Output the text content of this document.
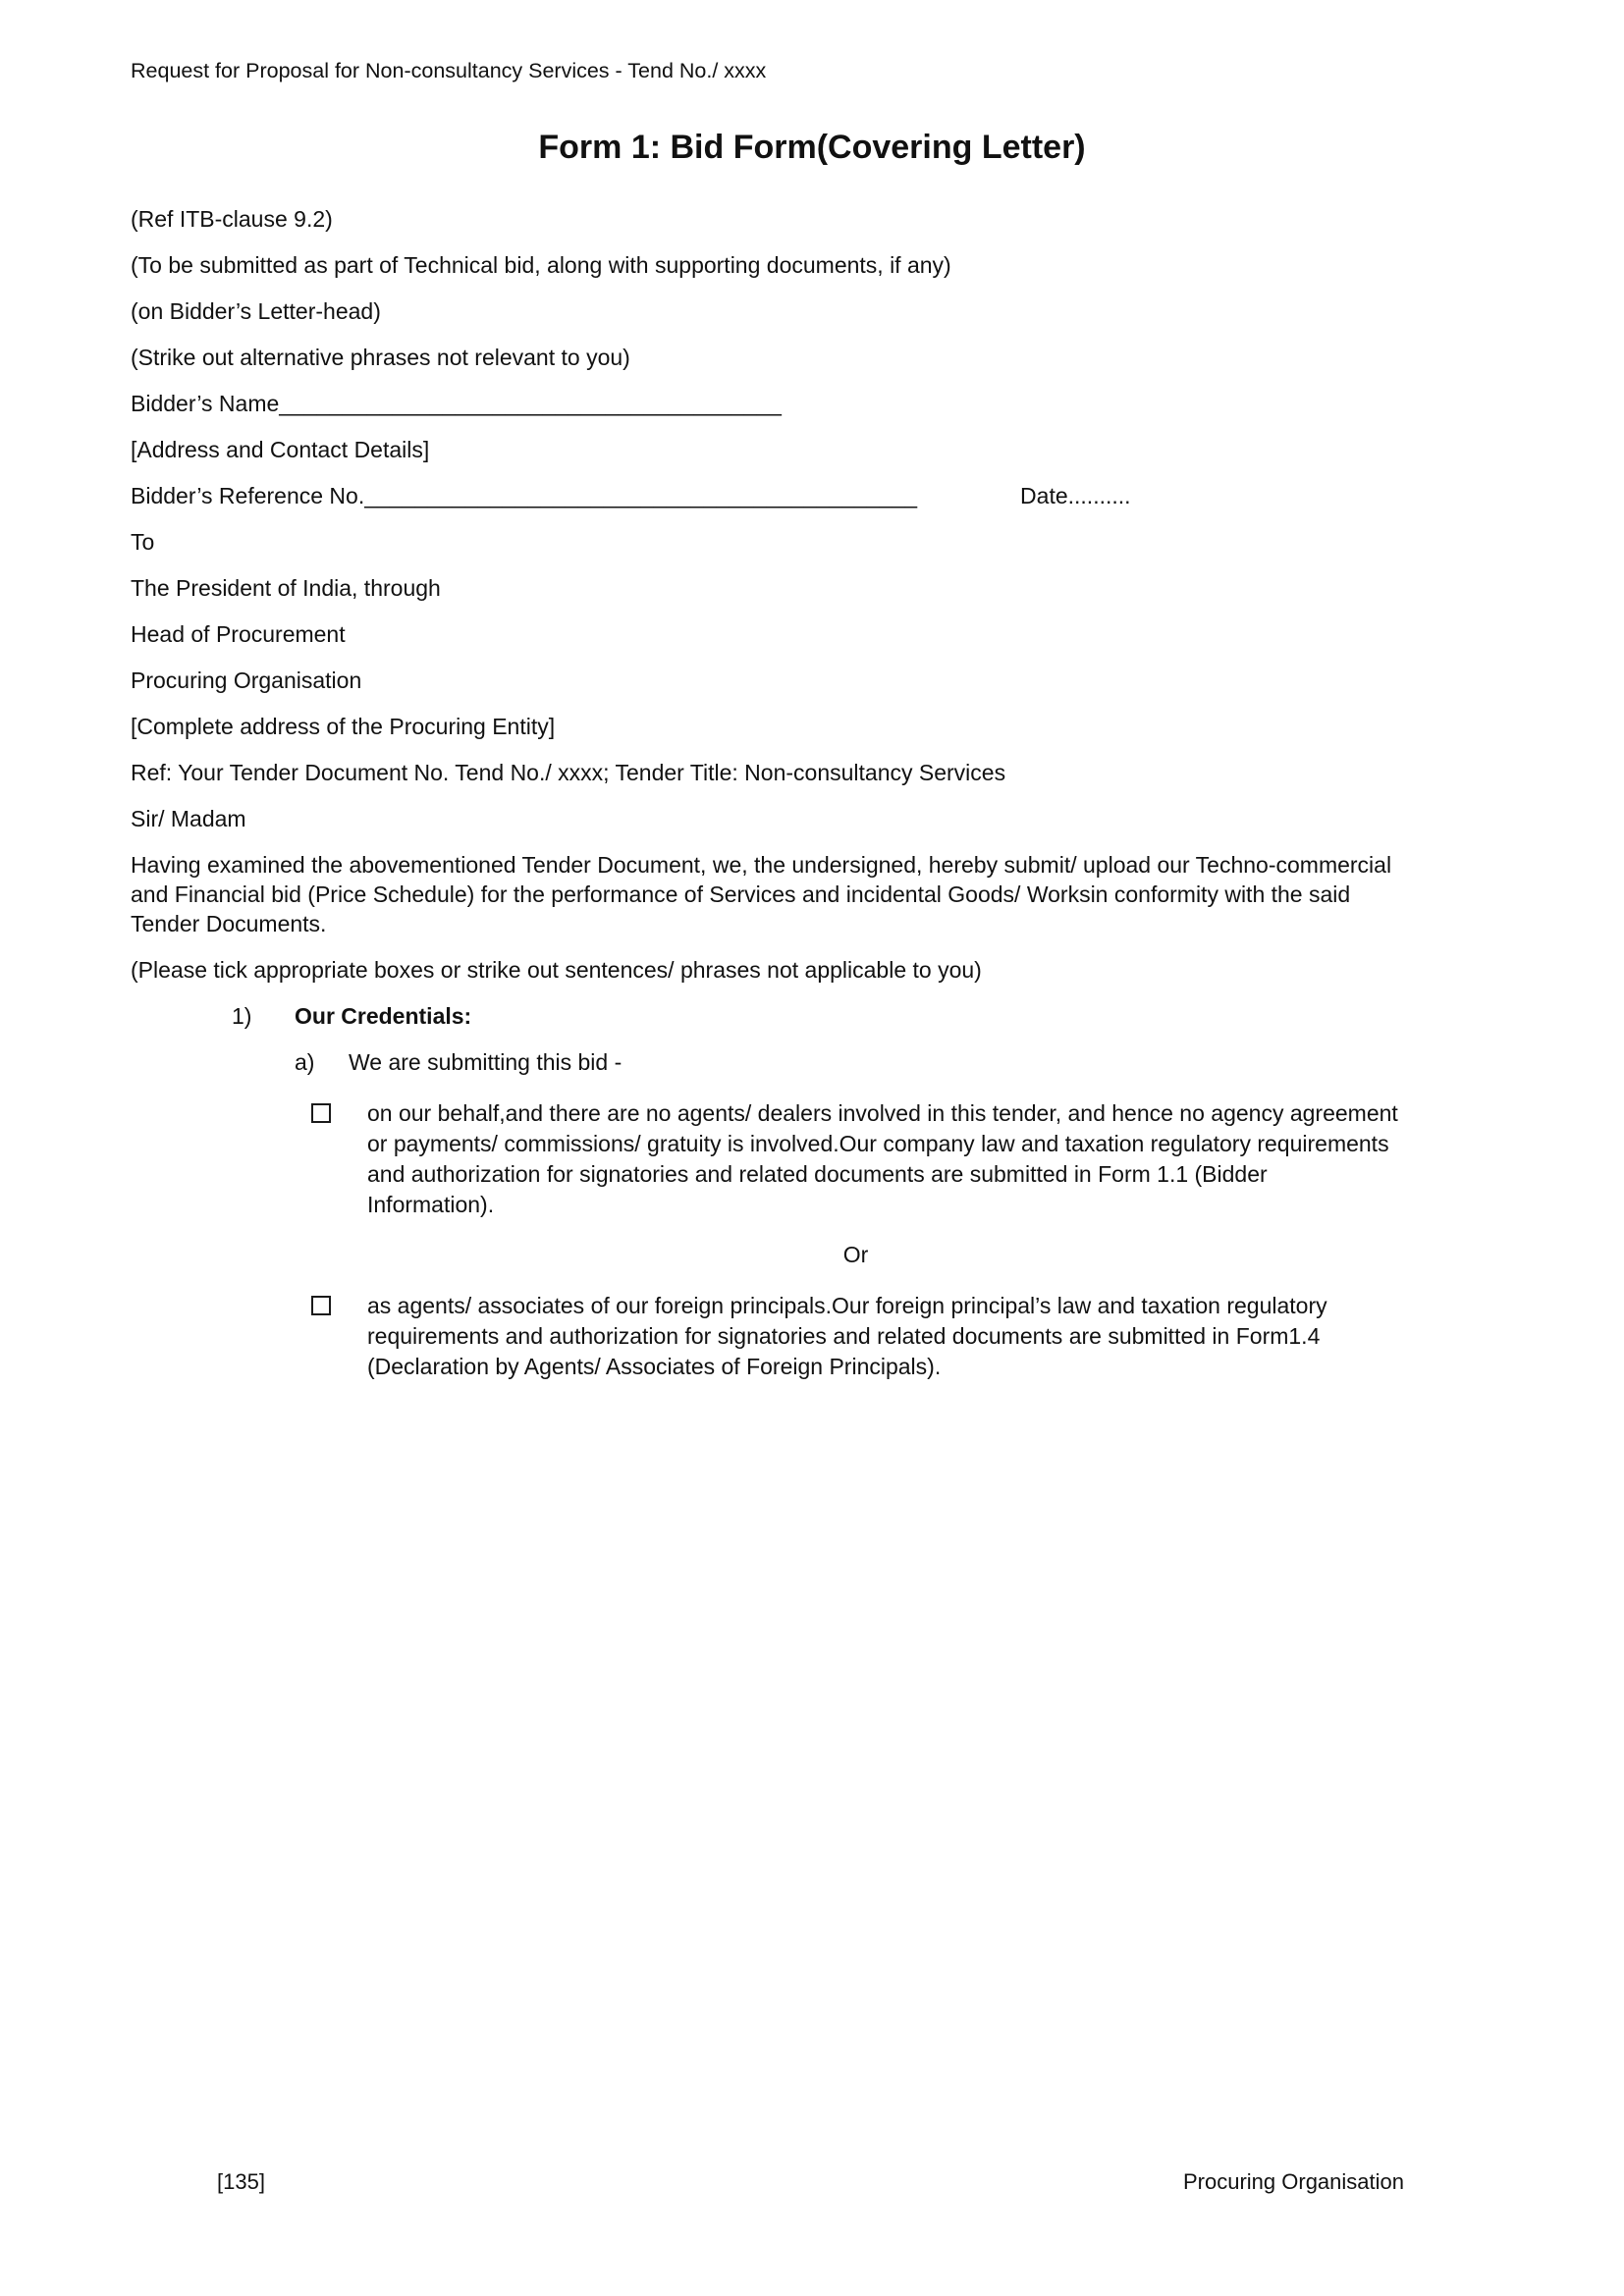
Request for Proposal for Non-consultancy Services - Tend No./ xxxx
Form 1: Bid Form(Covering Letter)

(Ref ITB-clause 9.2)

(To be submitted as part of Technical bid, along with supporting documents, if any)

(on Bidder’s Letter-head)

(Strike out alternative phrases not relevant to you)

Bidder’s Name________________________________________

[Address and Contact Details]

Bidder’s Reference No.____________________________________________	Date..........

To

The President of India, through

Head of Procurement

Procuring Organisation

[Complete address of the Procuring Entity]

Ref: Your Tender Document No. Tend No./ xxxx; Tender Title: Non-consultancy Services

Sir/ Madam

Having examined the abovementioned Tender Document, we, the undersigned, hereby submit/ upload our Techno-commercial and Financial bid (Price Schedule) for the performance of Services and incidental Goods/ Worksin conformity with the said Tender Documents.

(Please tick appropriate boxes or strike out sentences/ phrases not applicable to you)

1)	Our Credentials:
a)	We are submitting this bid -
on our behalf,and there are no agents/ dealers involved in this tender, and hence no agency agreement or payments/ commissions/ gratuity is involved.Our company law and taxation regulatory requirements and authorization for signatories and related documents are submitted in Form 1.1 (Bidder Information).
Or
as agents/ associates of our foreign principals.Our foreign principal’s law and taxation regulatory requirements and authorization for signatories and related documents are submitted in Form1.4 (Declaration by Agents/ Associates of Foreign Principals).
[135]	Procuring Organisation
